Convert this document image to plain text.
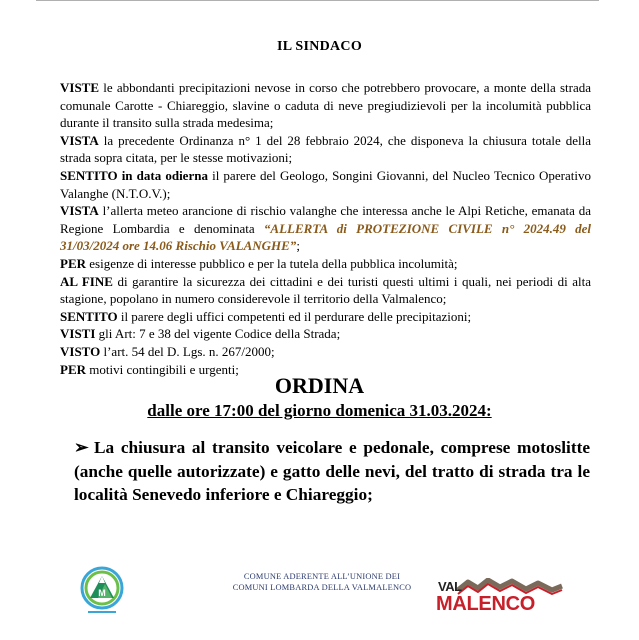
IL SINDACO

VISTE le abbondanti precipitazioni nevose in corso che potrebbero provocare, a monte della strada comunale Carotte - Chiareggio, slavine o caduta di neve pregiudizievoli per la incolumità pubblica durante il transito sulla strada medesima;

VISTA la precedente Ordinanza n° 1 del 28 febbraio 2024, che disponeva la chiusura totale della strada sopra citata, per le stesse motivazioni;

SENTITO in data odierna il parere del Geologo, Songini Giovanni, del Nucleo Tecnico Operativo Valanghe (N.T.O.V.);

VISTA l’allerta meteo arancione di rischio valanghe che interessa anche le Alpi Retiche, emanata da Regione Lombardia e denominata “ALLERTA di PROTEZIONE CIVILE n° 2024.49 del 31/03/2024 ore 14.06 Rischio VALANGHE”;

PER esigenze di interesse pubblico e per la tutela della pubblica incolumità;

AL FINE di garantire la sicurezza dei cittadini e dei turisti questi ultimi i quali, nei periodi di alta stagione, popolano in numero considerevole il territorio della Valmalenco;

SENTITO il parere degli uffici competenti ed il perdurare delle precipitazioni;

VISTI gli Art: 7 e 38 del vigente Codice della Strada;

VISTO l’art. 54 del D. Lgs. n. 267/2000;

PER motivi contingibili e urgenti;

ORDINA
dalle ore 17:00 del giorno domenica 31.03.2024:
➢ La chiusura al transito veicolare e pedonale, comprese motoslitte (anche quelle autorizzate) e gatto delle nevi, del tratto di strada tra le località Senevedo inferiore e Chiareggio;
M
COMUNE ADERENTE ALL’UNIONE DEI
COMUNI LOMBARDA DELLA VALMALENCO	VAL
MALENCO
